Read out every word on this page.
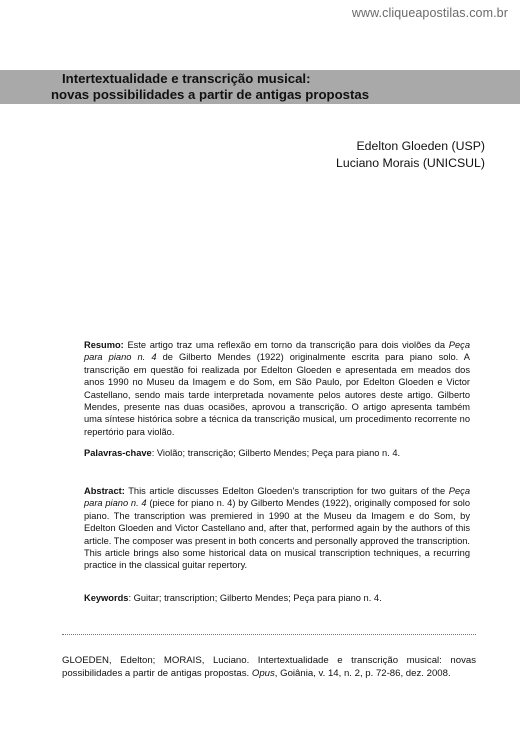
www.cliqueapostilas.com.br
Intertextualidade e transcrição musical:
novas possibilidades a partir de antigas propostas
Edelton Gloeden (USP)
Luciano Morais (UNICSUL)
Resumo: Este artigo traz uma reflexão em torno da transcrição para dois violões da Peça para piano n. 4 de Gilberto Mendes (1922) originalmente escrita para piano solo. A transcrição em questão foi realizada por Edelton Gloeden e apresentada em meados dos anos 1990 no Museu da Imagem e do Som, em São Paulo, por Edelton Gloeden e Victor Castellano, sendo mais tarde interpretada novamente pelos autores deste artigo. Gilberto Mendes, presente nas duas ocasiões, aprovou a transcrição. O artigo apresenta também uma síntese histórica sobre a técnica da transcrição musical, um procedimento recorrente no repertório para violão.
Palavras-chave: Violão; transcrição; Gilberto Mendes; Peça para piano n. 4.
Abstract: This article discusses Edelton Gloeden's transcription for two guitars of the Peça para piano n. 4 (piece for piano n. 4) by Gilberto Mendes (1922), originally composed for solo piano. The transcription was premiered in 1990 at the Museu da Imagem e do Som, by Edelton Gloeden and Victor Castellano and, after that, performed again by the authors of this article. The composer was present in both concerts and personally approved the transcription. This article brings also some historical data on musical transcription techniques, a recurring practice in the classical guitar repertory.
Keywords: Guitar; transcription; Gilberto Mendes; Peça para piano n. 4.
GLOEDEN, Edelton; MORAIS, Luciano. Intertextualidade e transcrição musical: novas possibilidades a partir de antigas propostas. Opus, Goiânia, v. 14, n. 2, p. 72-86, dez. 2008.
